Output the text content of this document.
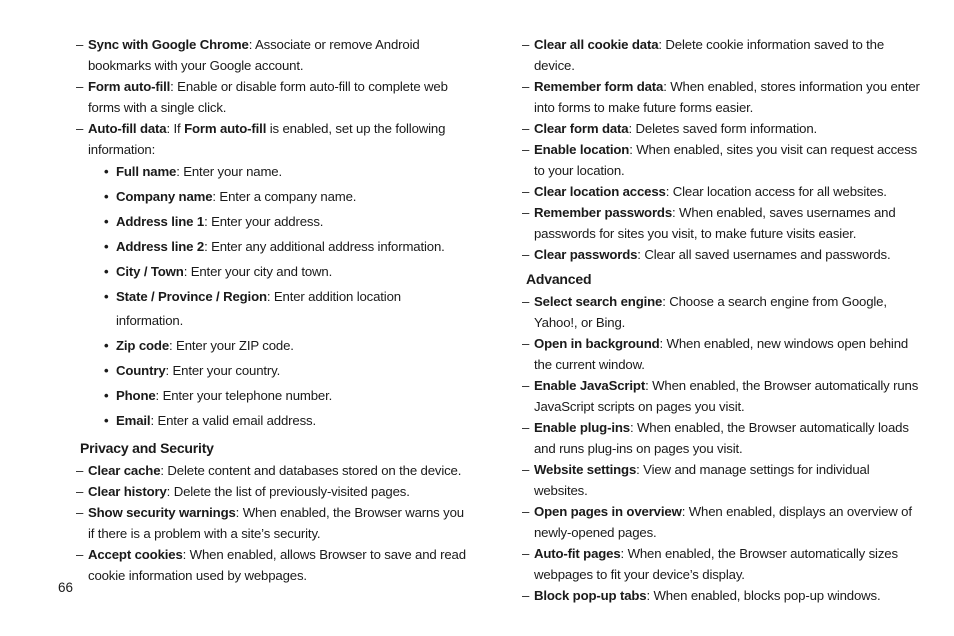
– Sync with Google Chrome: Associate or remove Android bookmarks with your Google account.
– Form auto-fill: Enable or disable form auto-fill to complete web forms with a single click.
– Auto-fill data: If Form auto-fill is enabled, set up the following information:
• Full name: Enter your name.
• Company name: Enter a company name.
• Address line 1: Enter your address.
• Address line 2: Enter any additional address information.
• City / Town: Enter your city and town.
• State / Province / Region: Enter addition location information.
• Zip code: Enter your ZIP code.
• Country: Enter your country.
• Phone: Enter your telephone number.
• Email: Enter a valid email address.
Privacy and Security
– Clear cache: Delete content and databases stored on the device.
– Clear history: Delete the list of previously-visited pages.
– Show security warnings: When enabled, the Browser warns you if there is a problem with a site’s security.
– Accept cookies: When enabled, allows Browser to save and read cookie information used by webpages.
– Clear all cookie data: Delete cookie information saved to the device.
– Remember form data: When enabled, stores information you enter into forms to make future forms easier.
– Clear form data: Deletes saved form information.
– Enable location: When enabled, sites you visit can request access to your location.
– Clear location access: Clear location access for all websites.
– Remember passwords: When enabled, saves usernames and passwords for sites you visit, to make future visits easier.
– Clear passwords: Clear all saved usernames and passwords.
Advanced
– Select search engine: Choose a search engine from Google, Yahoo!, or Bing.
– Open in background: When enabled, new windows open behind the current window.
– Enable JavaScript: When enabled, the Browser automatically runs JavaScript scripts on pages you visit.
– Enable plug-ins: When enabled, the Browser automatically loads and runs plug-ins on pages you visit.
– Website settings: View and manage settings for individual websites.
– Open pages in overview: When enabled, displays an overview of newly-opened pages.
– Auto-fit pages: When enabled, the Browser automatically sizes webpages to fit your device’s display.
– Block pop-up tabs: When enabled, blocks pop-up windows.
66
